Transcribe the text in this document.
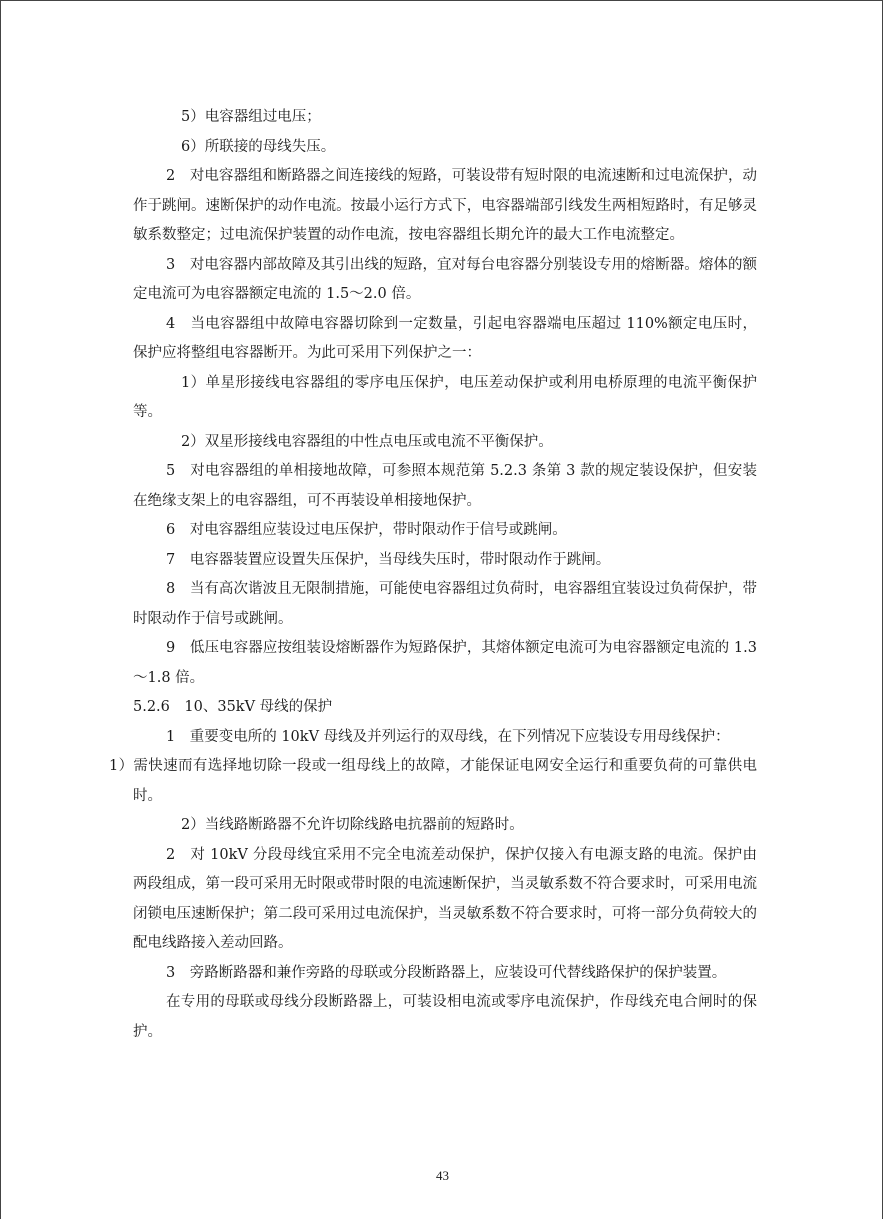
5）电容器组过电压；

6）所联接的母线失压。

2　对电容器组和断路器之间连接线的短路，可装设带有短时限的电流速断和过电流保护，动作于跳闸。速断保护的动作电流。按最小运行方式下，电容器端部引线发生两相短路时，有足够灵敏系数整定；过电流保护装置的动作电流，按电容器组长期允许的最大工作电流整定。

3　对电容器内部故障及其引出线的短路，宜对每台电容器分别装设专用的熔断器。熔体的额定电流可为电容器额定电流的 1.5～2.0 倍。

4　当电容器组中故障电容器切除到一定数量，引起电容器端电压超过 110%额定电压时，保护应将整组电容器断开。为此可采用下列保护之一：

1）单星形接线电容器组的零序电压保护，电压差动保护或利用电桥原理的电流平衡保护等。

2）双星形接线电容器组的中性点电压或电流不平衡保护。

5　对电容器组的单相接地故障，可参照本规范第 5.2.3 条第 3 款的规定装设保护，但安装在绝缘支架上的电容器组，可不再装设单相接地保护。

6　对电容器组应装设过电压保护，带时限动作于信号或跳闸。

7　电容器装置应设置失压保护，当母线失压时，带时限动作于跳闸。

8　当有高次谐波且无限制措施，可能使电容器组过负荷时，电容器组宜装设过负荷保护，带时限动作于信号或跳闸。

9　低压电容器应按组装设熔断器作为短路保护，其熔体额定电流可为电容器额定电流的 1.3～1.8 倍。

5.2.6　10、35kV 母线的保护

1　重要变电所的 10kV 母线及并列运行的双母线，在下列情况下应装设专用母线保护：

1）需快速而有选择地切除一段或一组母线上的故障，才能保证电网安全运行和重要负荷的可靠供电时。

2）当线路断路器不允许切除线路电抗器前的短路时。

2　对 10kV 分段母线宜采用不完全电流差动保护，保护仅接入有电源支路的电流。保护由两段组成，第一段可采用无时限或带时限的电流速断保护，当灵敏系数不符合要求时，可采用电流闭锁电压速断保护；第二段可采用过电流保护，当灵敏系数不符合要求时，可将一部分负荷较大的配电线路接入差动回路。

3　旁路断路器和兼作旁路的母联或分段断路器上，应装设可代替线路保护的保护装置。

在专用的母联或母线分段断路器上，可装设相电流或零序电流保护，作母线充电合闸时的保护。

43
